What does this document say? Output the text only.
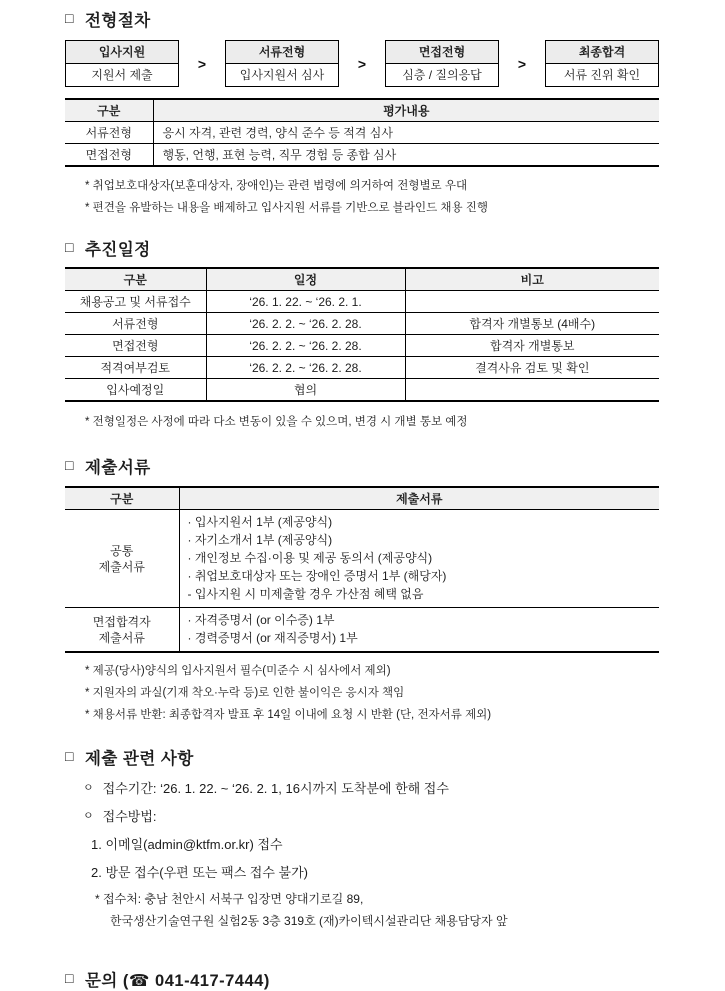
□ 전형절차
입사지원
지원서 제출
>
서류전형
입사지원서 심사
>
면접전형
심층 / 질의응답
>
최종합격
서류 진위 확인
구분	평가내용
서류전형	응시 자격, 관련 경력, 양식 준수 등 적격 심사
면접전형	행동, 언행, 표현 능력, 직무 경험 등 종합 심사
* 취업보호대상자(보훈대상자, 장애인)는 관련 법령에 의거하여 전형별로 우대
* 편견을 유발하는 내용을 배제하고 입사지원 서류를 기반으로 블라인드 채용 진행
□ 추진일정
구분	일정	비고
채용공고 및 서류접수	‘26. 1. 22. ~ ‘26. 2. 1.	
서류전형	‘26. 2. 2. ~ ‘26. 2. 28.	합격자 개별통보 (4배수)
면접전형	‘26. 2. 2. ~ ‘26. 2. 28.	합격자 개별통보
적격여부검토	‘26. 2. 2. ~ ‘26. 2. 28.	결격사유 검토 및 확인
입사예정일	협의	
* 전형일정은 사정에 따라 다소 변동이 있을 수 있으며, 변경 시 개별 통보 예정
□ 제출서류
구분	제출서류

공통
제출서류

· 입사지원서 1부 (제공양식)
· 자기소개서 1부 (제공양식)
· 개인정보 수집·이용 및 제공 동의서 (제공양식)
· 취업보호대상자 또는 장애인 증명서 1부 (해당자)
- 입사지원 시 미제출할 경우 가산점 혜택 없음

면접합격자
제출서류

· 자격증명서 (or 이수증) 1부
· 경력증명서 (or 재직증명서) 1부
* 제공(당사)양식의 입사지원서 필수(미준수 시 심사에서 제외)
* 지원자의 과실(기재 착오·누락 등)로 인한 불이익은 응시자 책임
* 채용서류 반환: 최종합격자 발표 후 14일 이내에 요청 시 반환 (단, 전자서류 제외)
□ 제출 관련 사항
ㅇ 접수기간: ‘26. 1. 22. ~ ‘26. 2. 1, 16시까지 도착분에 한해 접수
ㅇ 접수방법:
1. 이메일(admin@ktfm.or.kr) 접수
2. 방문 접수(우편 또는 팩스 접수 불가)
* 접수처: 충남 천안시 서북구 입장면 양대기로길 89,
한국생산기술연구원 실험2동 3층 319호 (재)카이텍시설관리단 채용담당자 앞
□ 문의 (☎ 041-417-7444)
